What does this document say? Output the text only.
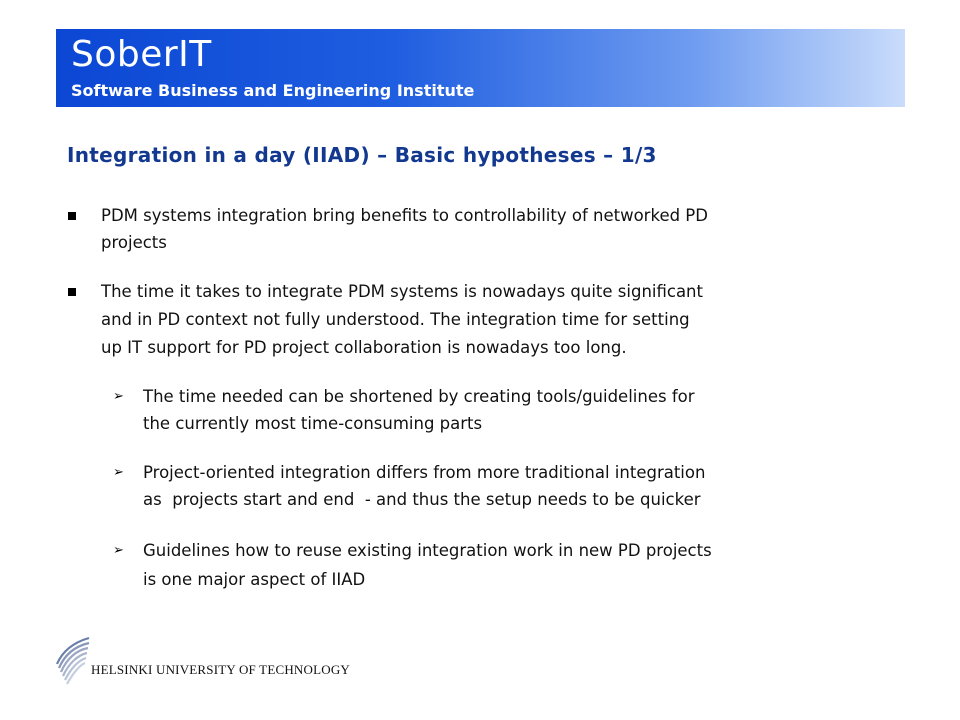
SoberIT
Software Business and Engineering Institute
Integration in a day (IIAD) – Basic hypotheses – 1/3
PDM systems integration bring benefits to controllability of networked PD
projects
The time it takes to integrate PDM systems is nowadays quite significant
and in PD context not fully understood. The integration time for setting
up IT support for PD project collaboration is nowadays too long.
➢ The time needed can be shortened by creating tools/guidelines for
the currently most time-consuming parts
➢ Project-oriented integration differs from more traditional integration
as  projects start and end  - and thus the setup needs to be quicker
➢ Guidelines how to reuse existing integration work in new PD projects
is one major aspect of IIAD
HELSINKI UNIVERSITY OF TECHNOLOGY
